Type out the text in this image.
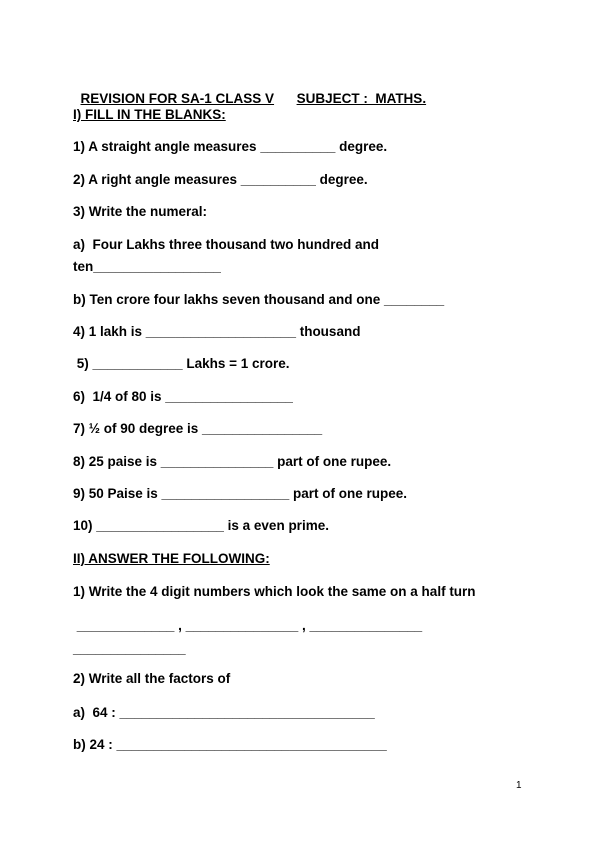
REVISION FOR SA-1 CLASS V SUBJECT :  MATHS.

I) FILL IN THE BLANKS:
1) A straight angle measures __________ degree.
2) A right angle measures __________ degree.
3) Write the numeral:
a)  Four Lakhs three thousand two hundred and
ten_________________
b) Ten crore four lakhs seven thousand and one ________
4) 1 lakh is ____________________ thousand
5) ____________ Lakhs = 1 crore.
6)  1/4 of 80 is _________________
7) ½ of 90 degree is ________________
8) 25 paise is _______________ part of one rupee.
9) 50 Paise is _________________ part of one rupee.
10) _________________ is a even prime.
II) ANSWER THE FOLLOWING:
1) Write the 4 digit numbers which look the same on a half turn
_____________ , _______________ , _______________
_______________
2) Write all the factors of
a)  64 : __________________________________
b) 24 : ____________________________________
1
